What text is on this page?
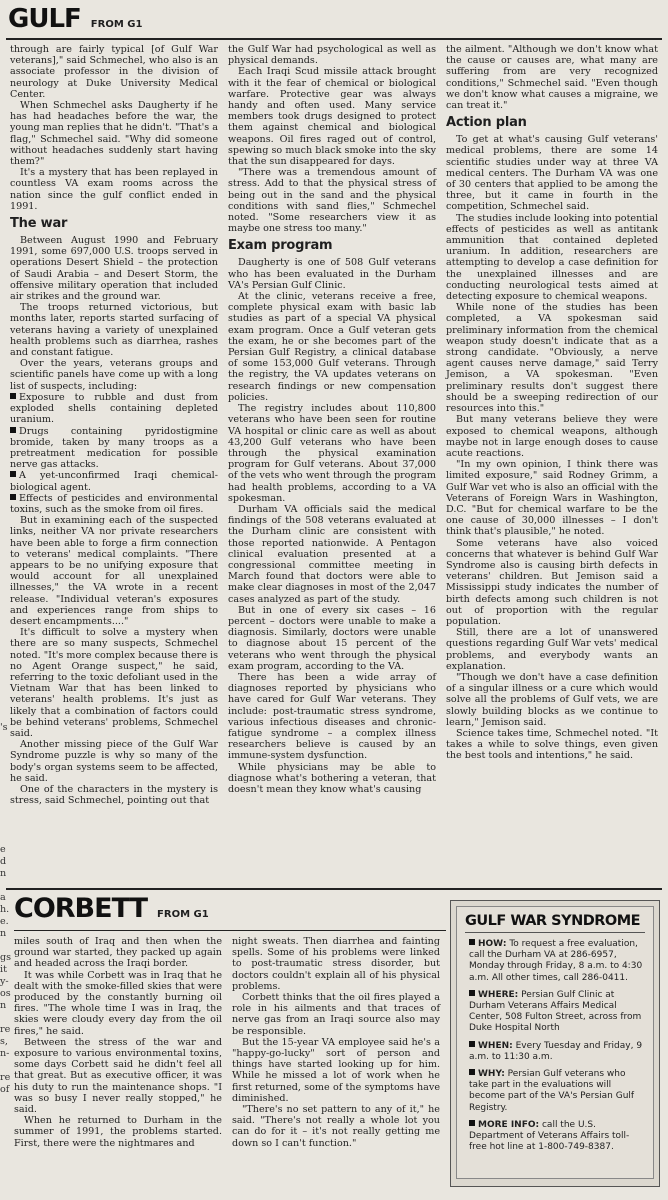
GULF FROM G1

through are fairly typical [of Gulf War veterans]," said Schmechel, who also is an associate professor in the division of neurology at Duke University Medical Center.

When Schmechel asks Daugherty if he has had headaches before the war, the young man replies that he didn't. "That's a flag," Schmechel said. "Why did someone without headaches suddenly start having them?"

It's a mystery that has been replayed in countless VA exam rooms across the nation since the gulf conflict ended in 1991.

The war

Between August 1990 and February 1991, some 697,000 U.S. troops served in operations Desert Shield – the protection of Saudi Arabia – and Desert Storm, the offensive military operation that included air strikes and the ground war.

The troops returned victorious, but months later, reports started surfacing of veterans having a variety of unexplained health problems such as diarrhea, rashes and constant fatigue.

Over the years, veterans groups and scientific panels have come up with a long list of suspects, including:

Exposure to rubble and dust from exploded shells containing depleted uranium.

Drugs containing pyridostigmine bromide, taken by many troops as a pretreatment medication for possible nerve gas attacks.

A yet-unconfirmed Iraqi chemical-biological agent.

Effects of pesticides and environmental toxins, such as the smoke from oil fires.

But in examining each of the suspected links, neither VA nor private researchers have been able to forge a firm connection to veterans' medical complaints. "There appears to be no unifying exposure that would account for all unexplained illnesses," the VA wrote in a recent release. "Individual veteran's exposures and experiences range from ships to desert encampments...."

It's difficult to solve a mystery when there are so many suspects, Schmechel noted. "It's more complex because there is no Agent Orange suspect," he said, referring to the toxic defoliant used in the Vietnam War that has been linked to veterans' health problems. It's just as likely that a combination of factors could be behind veterans' problems, Schmechel said.

Another missing piece of the Gulf War Syndrome puzzle is why so many of the body's organ systems seem to be affected, he said.

One of the characters in the mystery is stress, said Schmechel, pointing out that

the Gulf War had psychological as well as physical demands.

Each Iraqi Scud missile attack brought with it the fear of chemical or biological warfare. Protective gear was always handy and often used. Many service members took drugs designed to protect them against chemical and biological weapons. Oil fires raged out of control, spewing so much black smoke into the sky that the sun disappeared for days.

"There was a tremendous amount of stress. Add to that the physical stress of being out in the sand and the physical conditions with sand flies," Schmechel noted. "Some researchers view it as maybe one stress too many."

Exam program

Daugherty is one of 508 Gulf veterans who has been evaluated in the Durham VA's Persian Gulf Clinic.

At the clinic, veterans receive a free, complete physical exam with basic lab studies as part of a special VA physical exam program. Once a Gulf veteran gets the exam, he or she becomes part of the Persian Gulf Registry, a clinical database of some 153,000 Gulf veterans. Through the registry, the VA updates veterans on research findings or new compensation policies.

The registry includes about 110,800 veterans who have been seen for routine VA hospital or clinic care as well as about 43,200 Gulf veterans who have been through the physical examination program for Gulf veterans. About 37,000 of the vets who went through the program had health problems, according to a VA spokesman.

Durham VA officials said the medical findings of the 508 veterans evaluated at the Durham clinic are consistent with those reported nationwide. A Pentagon clinical evaluation presented at a congressional committee meeting in March found that doctors were able to make clear diagnoses in most of the 2,047 cases analyzed as part of the study.

But in one of every six cases – 16 percent – doctors were unable to make a diagnosis. Similarly, doctors were unable to diagnose about 15 percent of the veterans who went through the physical exam program, according to the VA.

There has been a wide array of diagnoses reported by physicians who have cared for Gulf War veterans. They include: post-traumatic stress syndrome, various infectious diseases and chronic-fatigue syndrome – a complex illness researchers believe is caused by an immune-system dysfunction.

While physicians may be able to diagnose what's bothering a veteran, that doesn't mean they know what's causing

the ailment. "Although we don't know what the cause or causes are, what many are suffering from are very recognized conditions," Schmechel said. "Even though we don't know what causes a migraine, we can treat it."

Action plan

To get at what's causing Gulf veterans' medical problems, there are some 14 scientific studies under way at three VA medical centers. The Durham VA was one of 30 centers that applied to be among the three, but it came in fourth in the competition, Schmechel said.

The studies include looking into potential effects of pesticides as well as antitank ammunition that contained depleted uranium. In addition, researchers are attempting to develop a case definition for the unexplained illnesses and are conducting neurological tests aimed at detecting exposure to chemical weapons.

While none of the studies has been completed, a VA spokesman said preliminary information from the chemical weapon study doesn't indicate that as a strong candidate. "Obviously, a nerve agent causes nerve damage," said Terry Jemison, a VA spokesman. "Even preliminary results don't suggest there should be a sweeping redirection of our resources into this."

But many veterans believe they were exposed to chemical weapons, although maybe not in large enough doses to cause acute reactions.

"In my own opinion, I think there was limited exposure," said Rodney Grimm, a Gulf War vet who is also an official with the Veterans of Foreign Wars in Washington, D.C. "But for chemical warfare to be the one cause of 30,000 illnesses – I don't think that's plausible," he noted.

Some veterans have also voiced concerns that whatever is behind Gulf War Syndrome also is causing birth defects in veterans' children. But Jemison said a Mississippi study indicates the number of birth defects among such children is not out of proportion with the regular population.

Still, there are a lot of unanswered questions regarding Gulf War vets' medical problems, and everybody wants an explanation.

"Though we don't have a case definition of a singular illness or a cure which would solve all the problems of Gulf vets, we are slowly building blocks as we continue to learn," Jemison said.

Science takes time, Schmechel noted. "It takes a while to solve things, even given the best tools and intentions," he said.

CORBETT FROM G1

miles south of Iraq and then when the ground war started, they packed up again and headed across the Iraqi border.

It was while Corbett was in Iraq that he dealt with the smoke-filled skies that were produced by the constantly burning oil fires. "The whole time I was in Iraq, the skies were cloudy every day from the oil fires," he said.

Between the stress of the war and exposure to various environmental toxins, some days Corbett said he didn't feel all that great. But as executive officer, it was his duty to run the maintenance shops. "I was so busy I never really stopped," he said.

When he returned to Durham in the summer of 1991, the problems started. First, there were the nightmares and

night sweats. Then diarrhea and fainting spells. Some of his problems were linked to post-traumatic stress disorder, but doctors couldn't explain all of his physical problems.

Corbett thinks that the oil fires played a role in his ailments and that traces of nerve gas from an Iraqi source also may be responsible.

But the 15-year VA employee said he's a "happy-go-lucky" sort of person and things have started looking up for him. While he missed a lot of work when he first returned, some of the symptoms have diminished.

"There's no set pattern to any of it," he said. "There's not really a whole lot you can do for it – it's not really getting me down so I can't function."

GULF WAR SYNDROME
HOW: To request a free evaluation, call the Durham VA at 286-6957, Monday through Friday, 8 a.m. to 4:30 a.m. All other times, call 286-0411.
WHERE: Persian Gulf Clinic at Durham Veterans Affairs Medical Center, 508 Fulton Street, across from Duke Hospital North
WHEN: Every Tuesday and Friday, 9 a.m. to 11:30 a.m.
WHY: Persian Gulf veterans who take part in the evaluations will become part of the VA's Persian Gulf Registry.
MORE INFO: call the U.S. Department of Veterans Affairs toll-free hot line at 1-800-749-8387.
's
e
d
n
a
h.
e.
n
gs
it
y-
os
n
re
s,
n-
re
of
